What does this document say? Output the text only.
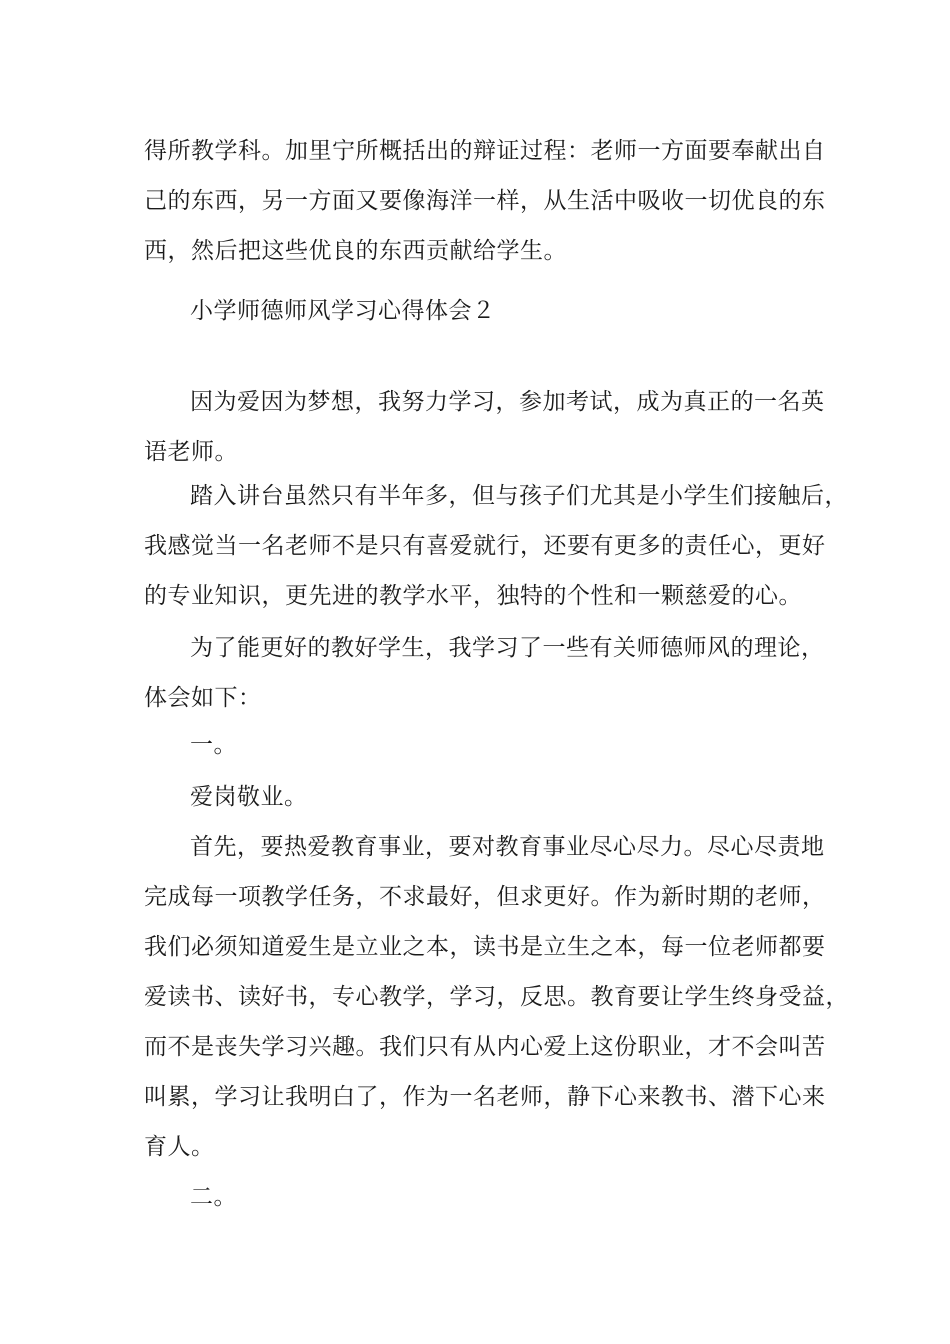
得所教学科。加里宁所概括出的辩证过程：老师一方面要奉献出自
己的东西，另一方面又要像海洋一样，从生活中吸收一切优良的东
西，然后把这些优良的东西贡献给学生。
小学师德师风学习心得体会２
因为爱因为梦想，我努力学习，参加考试，成为真正的一名英
语老师。
踏入讲台虽然只有半年多，但与孩子们尤其是小学生们接触后，
我感觉当一名老师不是只有喜爱就行，还要有更多的责任心，更好
的专业知识，更先进的教学水平，独特的个性和一颗慈爱的心。
为了能更好的教好学生，我学习了一些有关师德师风的理论，
体会如下：
一。
爱岗敬业。
首先，要热爱教育事业，要对教育事业尽心尽力。尽心尽责地
完成每一项教学任务，不求最好，但求更好。作为新时期的老师，
我们必须知道爱生是立业之本，读书是立生之本，每一位老师都要
爱读书、读好书，专心教学，学习，反思。教育要让学生终身受益，
而不是丧失学习兴趣。我们只有从内心爱上这份职业，才不会叫苦
叫累，学习让我明白了，作为一名老师，静下心来教书、潜下心来
育人。
二。
